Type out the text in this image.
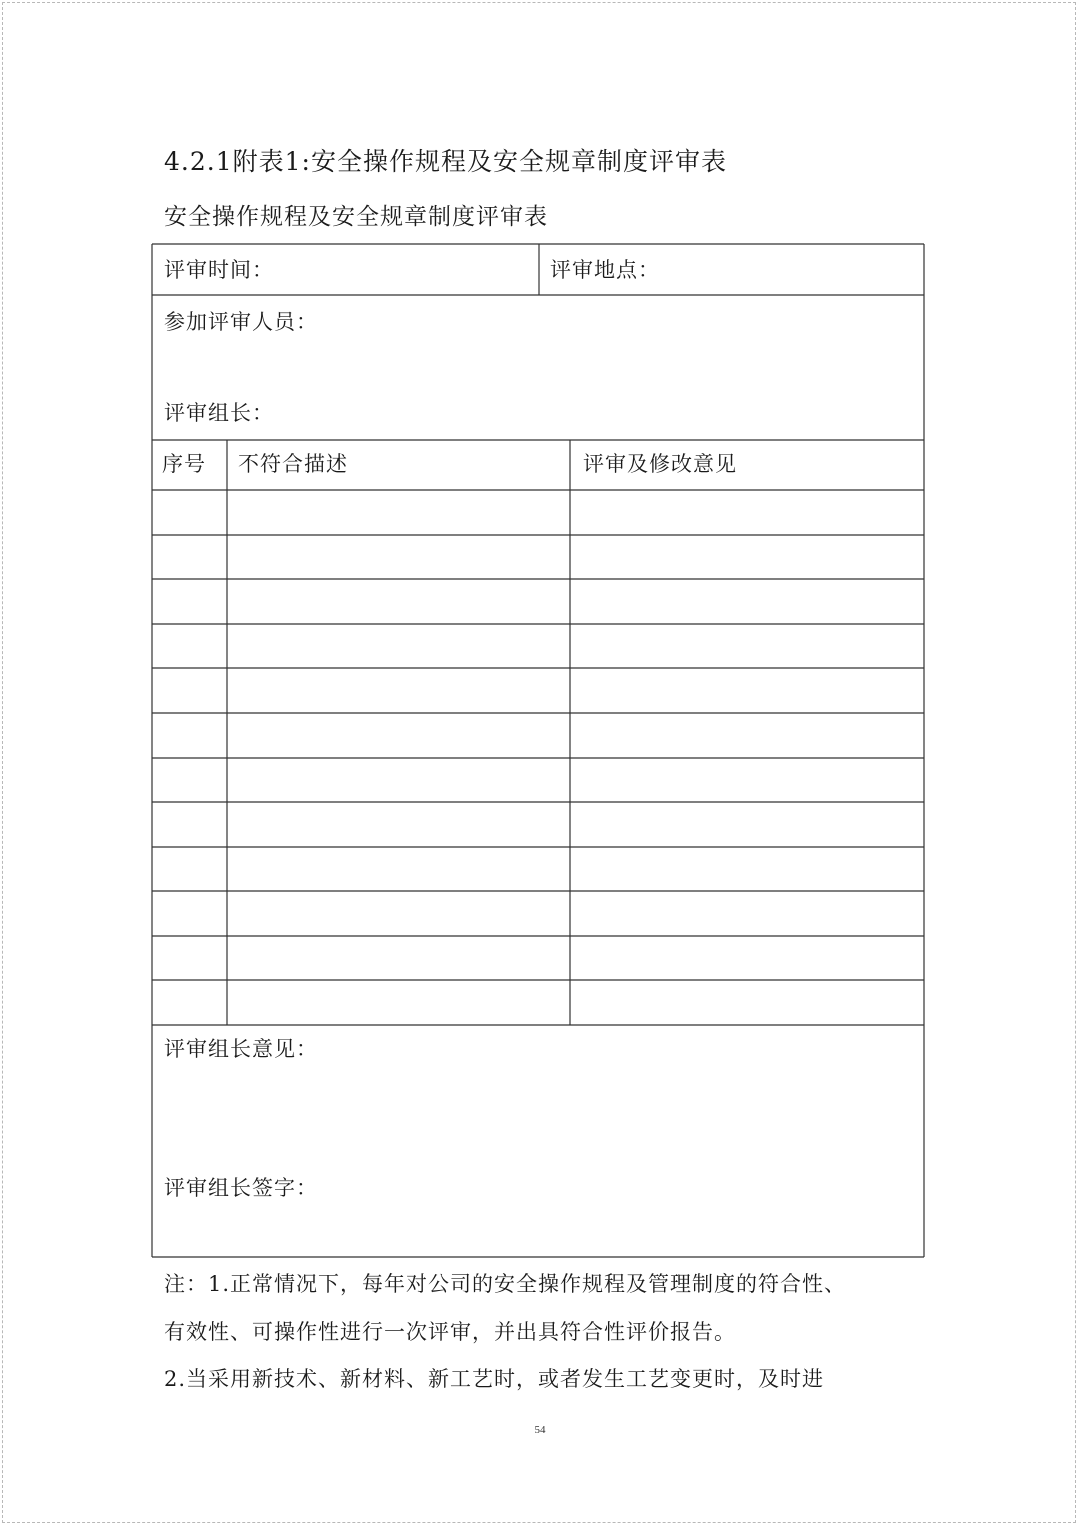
4.2.1附表1:安全操作规程及安全规章制度评审表
安全操作规程及安全规章制度评审表
评审时间：	评审地点：
参加评审人员：
评审组长：
序号 不符合描述	评审及修改意见
评审组长意见：
评审组长签字：
注：1.正常情况下，每年对公司的安全操作规程及管理制度的符合性、
有效性、可操作性进行一次评审，并出具符合性评价报告。
2.当采用新技术、新材料、新工艺时，或者发生工艺变更时，及时进
54
